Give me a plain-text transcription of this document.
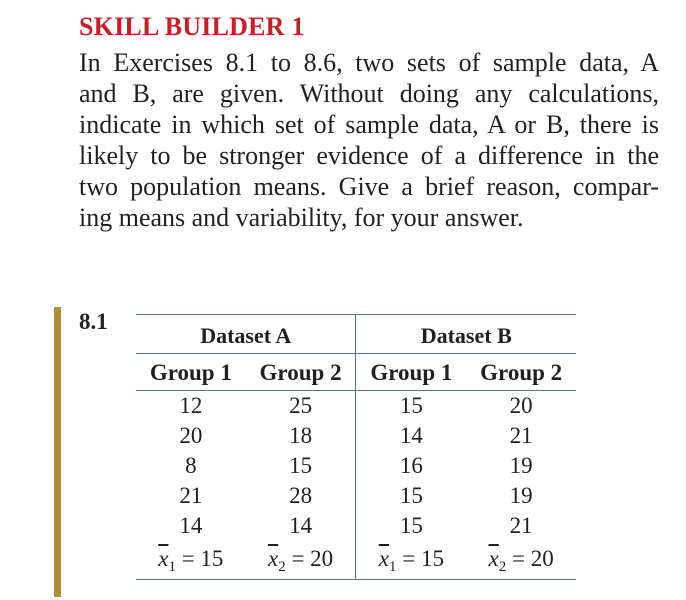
SKILL BUILDER 1

In Exercises 8.1 to 8.6, two sets of sample data, A
and B, are given. Without doing any calculations,
indicate in which set of sample data, A or B, there is
likely to be stronger evidence of a difference in the
two population means. Give a brief reason, compar-
ing means and variability, for your answer.

8.1
Dataset A		Dataset B	
Group 1	Group 2	Group 1	Group 2
12	25	15	20
20	18	14	21
8	15	16	19
21	28	15	19
14	14	15	21
$\overline{x}_1 = 15$	$\overline{x}_2 = 20$	$\overline{x}_1 = 15$	$\overline{x}_2 = 20$
